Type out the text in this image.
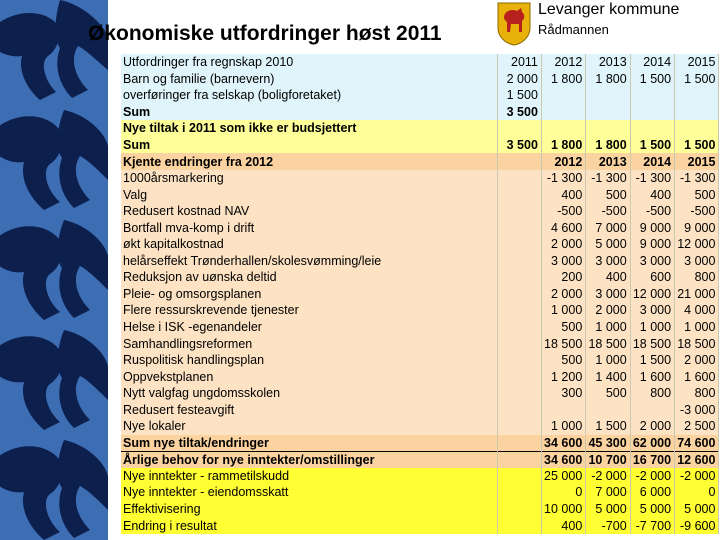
Økonomiske utfordringer høst 2011
Levanger kommune
Rådmannen
Utfordringer fra regnskap 2010	2011	2012	2013	2014	2015
Barn og familie (barnevern)	2 000	1 800	1 800	1 500	1 500
overføringer fra selskap (boligforetaket)	1 500				
Sum	3 500				
Nye tiltak i 2011 som ikke er budsjettert					
Sum	3 500	1 800	1 800	1 500	1 500
Kjente endringer fra 2012		2012	2013	2014	2015
1000årsmarkering		-1 300	-1 300	-1 300	-1 300
Valg		400	500	400	500
Redusert kostnad NAV		-500	-500	-500	-500
Bortfall mva-komp i drift		4 600	7 000	9 000	9 000
økt kapitalkostnad		2 000	5 000	9 000	12 000
helårseffekt Trønderhallen/skolesvømming/leie		3 000	3 000	3 000	3 000
Reduksjon av uønska deltid		200	400	600	800
Pleie- og omsorgsplanen		2 000	3 000	12 000	21 000
Flere ressurskrevende tjenester		1 000	2 000	3 000	4 000
Helse i ISK -egenandeler		500	1 000	1 000	1 000
Samhandlingsreformen		18 500	18 500	18 500	18 500
Ruspolitisk handlingsplan		500	1 000	1 500	2 000
Oppvekstplanen		1 200	1 400	1 600	1 600
Nytt valgfag ungdomsskolen		300	500	800	800
Redusert festeavgift					-3 000
Nye lokaler		1 000	1 500	2 000	2 500
Sum nye tiltak/endringer		34 600	45 300	62 000	74 600
Årlige behov for nye inntekter/omstillinger		34 600	10 700	16 700	12 600
Nye inntekter - rammetilskudd		25 000	-2 000	-2 000	-2 000
Nye inntekter - eiendomsskatt		0	7 000	6 000	0
Effektivisering		10 000	5 000	5 000	5 000
Endring i resultat		400	-700	-7 700	-9 600
